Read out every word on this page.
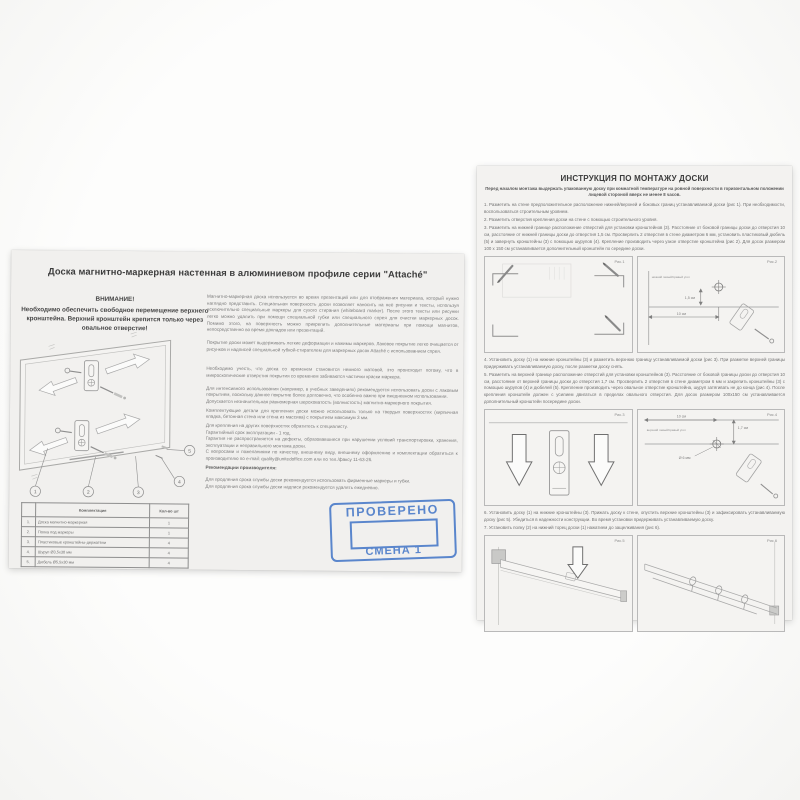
Доска магнитно-маркерная настенная в алюминиевом профиле серии "Attaché"
ВНИМАНИЕ!
Необходимо обеспечить свободное перемещение верхнего кронштейна. Верхний кронштейн крепится только через овальное отверстие!
1	2	3
4
5
	Комплектация	Кол-во шт
1.	Доска магнитно-маркерная	1
2.	Полка под маркеры	1
3.	Пластиковые кронштейны-держатели	4
4.	Шуруп Ø3,5х30 мм	4
5.	Дюбель Ø5,5х30 мм	4

Магнитно-маркерная доска используется во время презентаций или для отображения материала, который нужно наглядно представить. Специальная поверхность доски позволяет наносить на неё рисунки и тексты, используя исключительно специальные маркеры для сухого стирания (whiteboard marker). После этого тексты или рисунки легко можно удалить при помощи специальной губки или специального спрея для очистки маркерных досок. Помимо этого, на поверхность можно прикрепить дополнительные материалы при помощи магнитов, непосредственно во время докладов или презентаций.

Покрытие доски может выдерживать легкие деформации и нажимы маркеров. Лаковое покрытие легко очищается от рисунков и надписей специальной губкой-стирателем для маркерных досок Attaché с использованием спрея.

Необходимо учесть, что доска со временем становится немного матовой, это происходит потому, что в микроскопические отверстия покрытия со временем забиваются частички краски маркера.

Для интенсивного использования (например, в учебных заведениях) рекомендуется использовать доски с лаковым покрытием, поскольку данное покрытие более долговечно, что особенно важно при ежедневном использовании.

Допускается незначительная равномерная шероховатость (волнистость) магнитно-маркерного покрытия.

Комплектующие детали для крепления доски можно использовать только на твердых поверхностях (кирпичная кладка, бетонная стена или стена из массива) с покрытием максимум 3 мм.

Для крепления на других поверхностях обратитесь к специалисту.

Гарантийный срок эксплуатации - 1 год.

Гарантия не распространяется на дефекты, образовавшиеся при нарушении условий транспортировки, хранения, эксплуатации и неправильного монтажа доски.

С вопросами и пожеланиями по качеству, внешнему виду, внешнему оформлению и комплектации обратиться к производителю по e-mail: quality@unitedoffice.com или по тел./факсу 11-63-26.

Рекомендации производителя:

Для продления срока службы доски рекомендуется использовать фирменные маркеры и губки.

Для продления срока службы доски надписи рекомендуется удалять ежедневно.

ИНСТРУКЦИЯ ПО МОНТАЖУ ДОСКИ
Перед началом монтажа выдержать упакованную доску при комнатной температуре на ровной поверхности в горизонтальном положении лицевой стороной вверх не менее 8 часов.

1. Разметить на стене предположительное расположение нижней/верхней и боковых границ устанавливаемой доски (рис 1). При необходимости, воспользоваться строительным уровнем.

2. Разметить отверстия крепления доски на стене с помощью строительного уровня.

3. Разметить на нижней границе расположение отверстий для установки кронштейнов (3). Расстояние от боковой границы доски до отверстия 10 см, расстояние от нижней границы доски до отверстия 1,5 см. Просверлить 2 отверстия в стене диаметром 6 мм, установить пластиковый дюбель (5) и завернуть кронштейны (3) с помощью шурупов (4). Крепление производить через узкое отверстие кронштейна (рис 2). Для досок размером 100 х 150 см устанавливается дополнительный кронштейн по середине доски.

Рис.1
нижний левый/правый угол
1,5 см
10 см
Рис.2

4. Установить доску (1) на нижние кронштейны (3) и разметить верхнюю границу устанавливаемой доски (рис 3). При разметке верхней границы придерживать устанавливаемую доску, после разметки доску снять.

5. Разметить на верхней границе расположение отверстий для установки кронштейнов (3). Расстояние от боковой границы доски до отверстия 10 см, расстояние от верхней границы доски до отверстия 1,7 см. Просверлить 2 отверстия в стене диаметром 6 мм и закрепить кронштейны (3) с помощью шурупов (4) и дюбелей (5). Крепление производить через овальное отверстие кронштейна, шуруп затягивать не до конца (рис 4). После крепления кронштейн должен с усилием двигаться в пределах овального отверстия. Для досок размером 100х150 см устанавливается дополнительный кронштейн посередине доски.

Рис.3
верхний левый/правый угол
10 см
1,7 см
Ø 6 мм
Рис.4

6. Установить доску (1) на нижние кронштейны (3). Прижать доску к стене, опустить верхние кронштейны (3) и зафиксировать устанавливаемую доску (рис 5). Убедиться в надежности конструкции. Во время установки придерживать устанавливаемую доску.

7. Установить полку (2) на нижний торец доски (1) нажатием до защелкивания (рис 6).

Рис.5	Рис.6
ПРОВЕРЕНО
СМЕНА 1
